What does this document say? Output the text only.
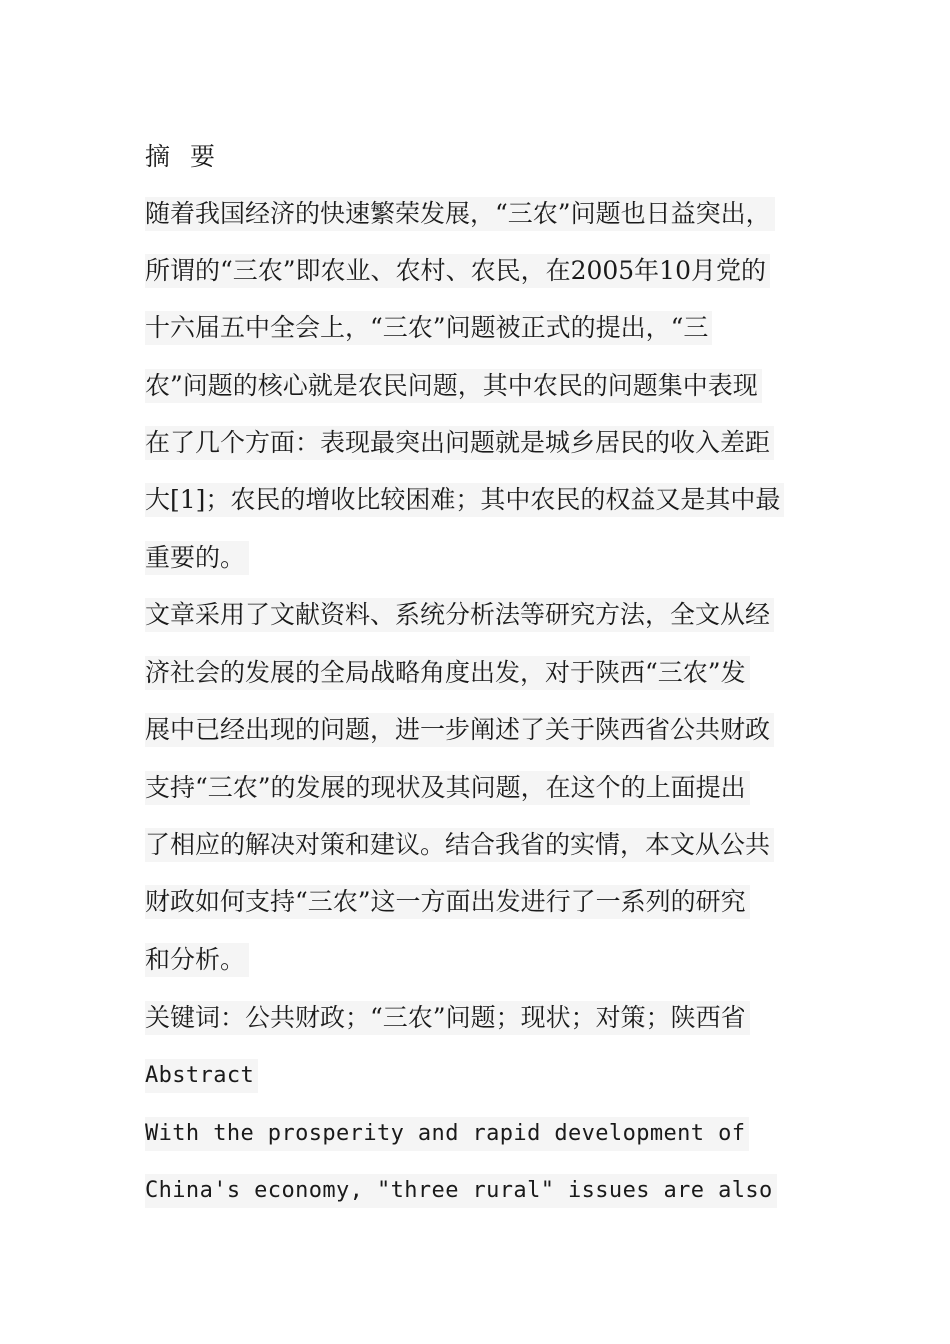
摘 要
随着我国经济的快速繁荣发展，“三农”问题也日益突出，
所谓的“三农”即农业、农村、农民，在2005年10月党的
十六届五中全会上，“三农”问题被正式的提出，“三
农”问题的核心就是农民问题，其中农民的问题集中表现
在了几个方面：表现最突出问题就是城乡居民的收入差距
大[1]；农民的增收比较困难；其中农民的权益又是其中最
重要的。
文章采用了文献资料、系统分析法等研究方法，全文从经
济社会的发展的全局战略角度出发，对于陕西“三农”发
展中已经出现的问题，进一步阐述了关于陕西省公共财政
支持“三农”的发展的现状及其问题，在这个的上面提出
了相应的解决对策和建议。结合我省的实情，本文从公共
财政如何支持“三农”这一方面出发进行了一系列的研究
和分析。
关键词：公共财政；“三农”问题；现状；对策；陕西省
Abstract
With the prosperity and rapid development of
China's economy, "three rural" issues are also
